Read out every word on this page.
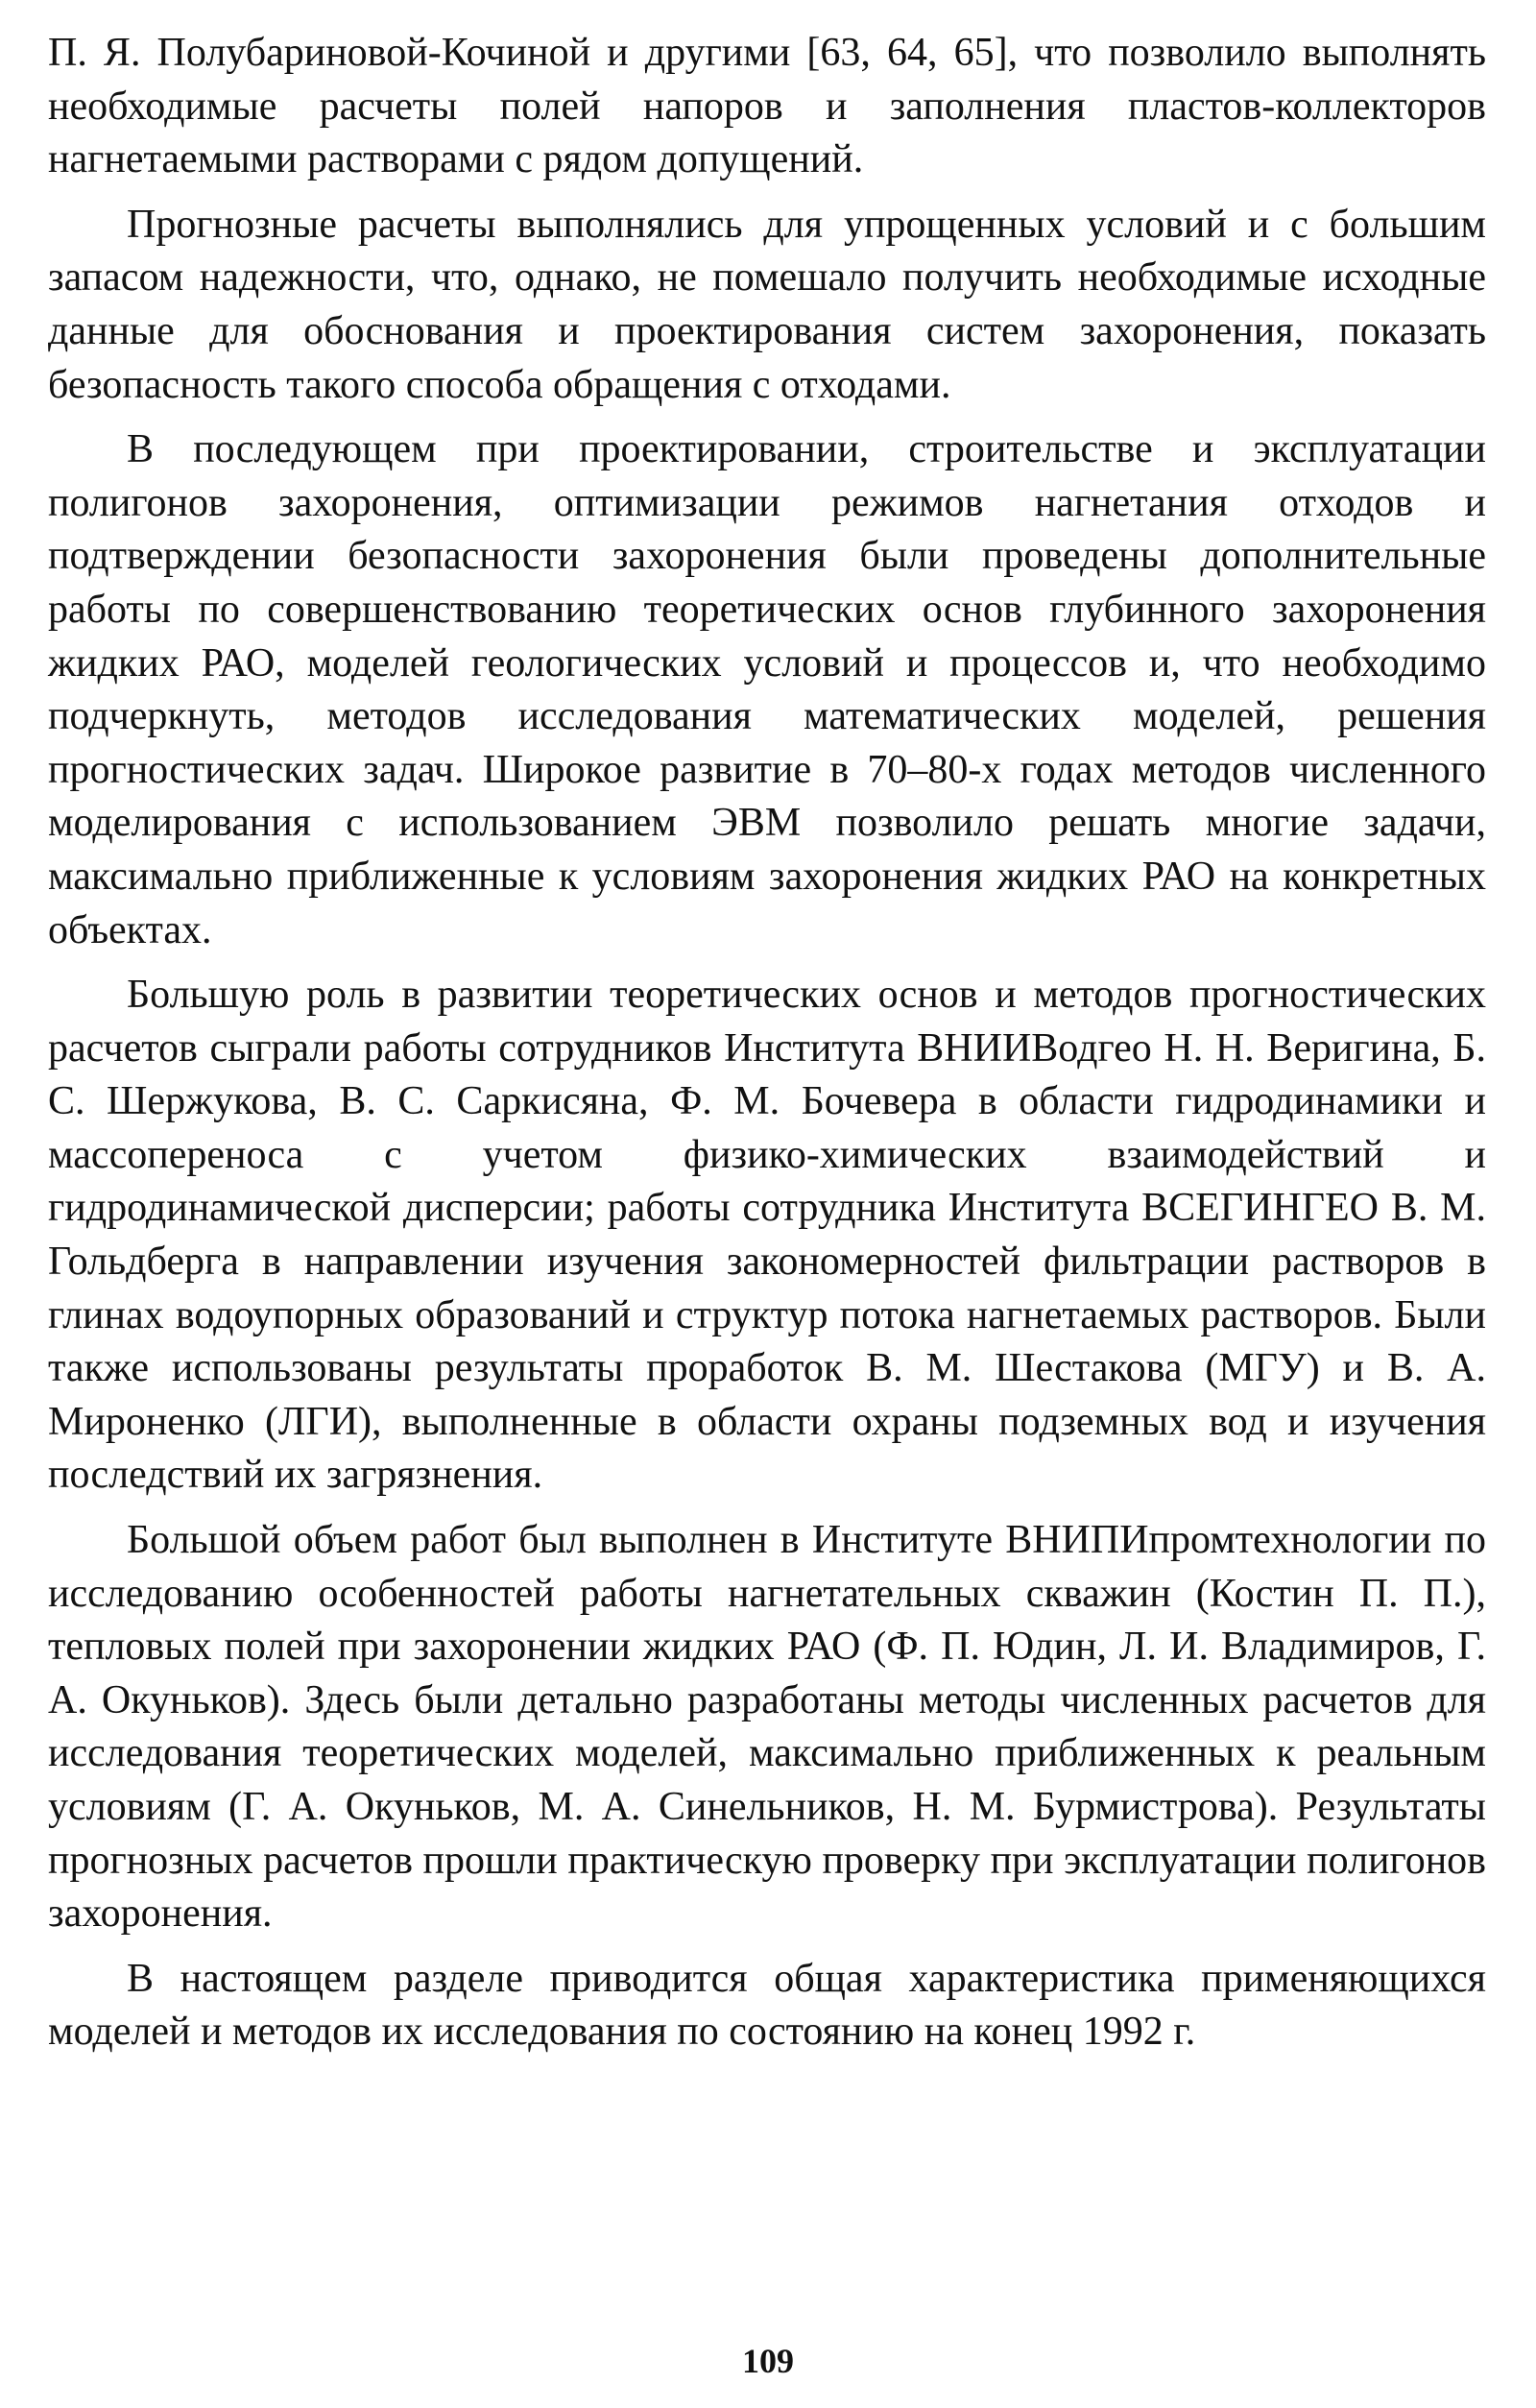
П. Я. Полубариновой-Кочиной и другими [63, 64, 65], что позволило выполнять необходимые расчеты полей напоров и заполнения пластов-коллекторов нагнетаемыми растворами с рядом допущений.

Прогнозные расчеты выполнялись для упрощенных условий и с большим запасом надежности, что, однако, не помешало получить необходимые исходные данные для обоснования и проектирования систем захоронения, показать безопасность такого способа обращения с отходами.

В последующем при проектировании, строительстве и эксплуатации полигонов захоронения, оптимизации режимов нагнетания отходов и подтверждении безопасности захоронения были проведены дополнительные работы по совершенствованию теоретических основ глубинного захоронения жидких РАО, моделей геологических условий и процессов и, что необходимо подчеркнуть, методов исследования математических моделей, решения прогностических задач. Широкое развитие в 70–80-х годах методов численного моделирования с использованием ЭВМ позволило решать многие задачи, максимально приближенные к условиям захоронения жидких РАО на конкретных объектах.

Большую роль в развитии теоретических основ и методов прогностических расчетов сыграли работы сотрудников Института ВНИИВодгео Н. Н. Веригина, Б. С. Шержукова, В. С. Саркисяна, Ф. М. Бочевера в области гидродинамики и массопереноса с учетом физико-химических взаимодействий и гидродинамической дисперсии; работы сотрудника Института ВСЕГИНГЕО В. М. Гольдберга в направлении изучения закономерностей фильтрации растворов в глинах водоупорных образований и структур потока нагнетаемых растворов. Были также использованы результаты проработок В. М. Шестакова (МГУ) и В. А. Мироненко (ЛГИ), выполненные в области охраны подземных вод и изучения последствий их загрязнения.

Большой объем работ был выполнен в Институте ВНИПИпромтехнологии по исследованию особенностей работы нагнетательных скважин (Костин П. П.), тепловых полей при захоронении жидких РАО (Ф. П. Юдин, Л. И. Владимиров, Г. А. Окуньков). Здесь были детально разработаны методы численных расчетов для исследования теоретических моделей, максимально приближенных к реальным условиям (Г. А. Окуньков, М. А. Синельников, Н. М. Бурмистрова). Результаты прогнозных расчетов прошли практическую проверку при эксплуатации полигонов захоронения.

В настоящем разделе приводится общая характеристика применяющихся моделей и методов их исследования по состоянию на конец 1992 г.

109
